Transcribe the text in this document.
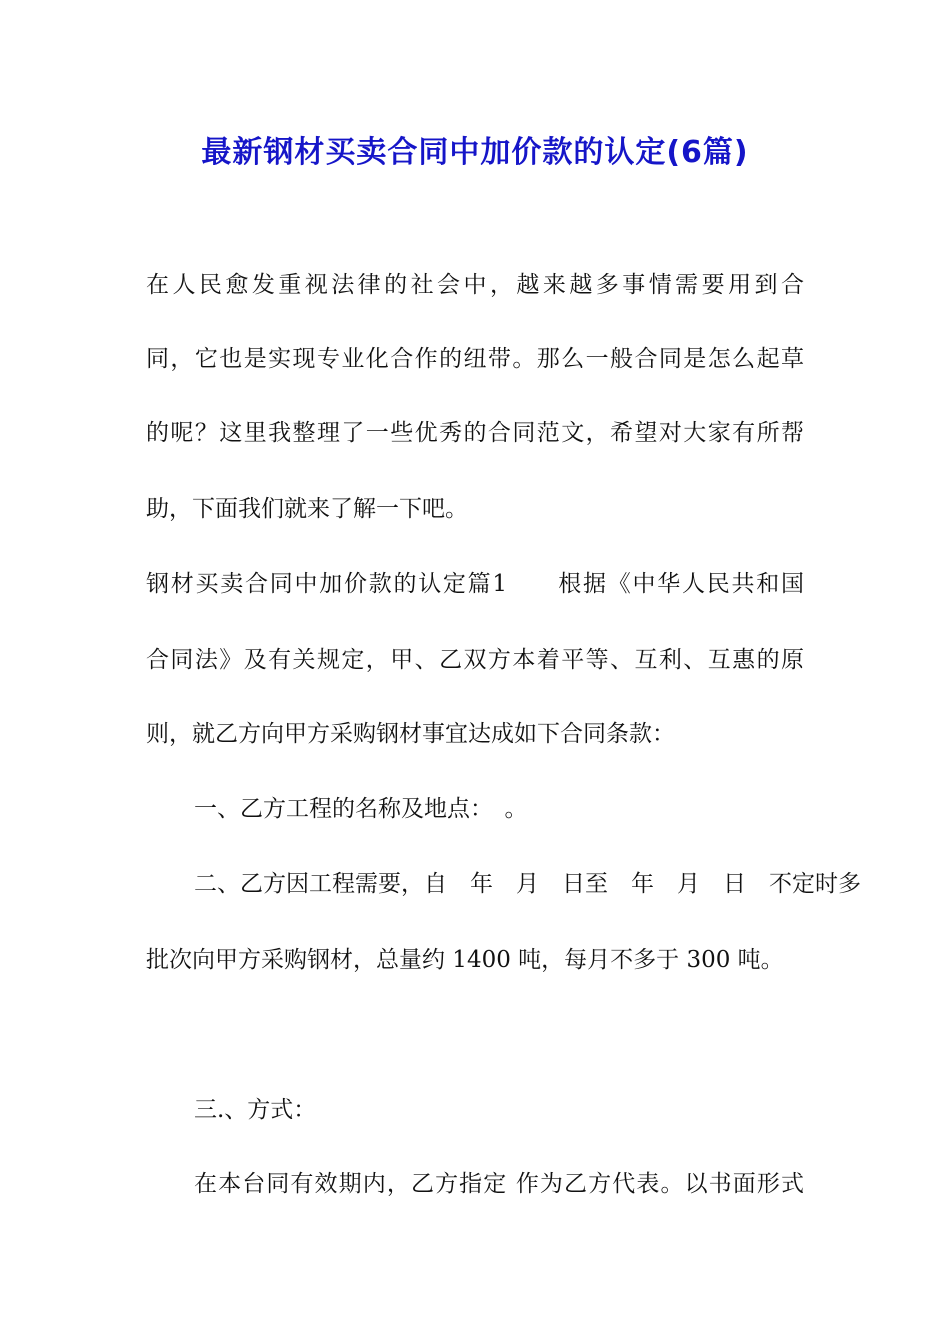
最新钢材买卖合同中加价款的认定(6篇)
在人民愈发重视法律的社会中，越来越多事情需要用到合
同，它也是实现专业化合作的纽带。那么一般合同是怎么起草
的呢？这里我整理了一些优秀的合同范文，希望对大家有所帮
助，下面我们就来了解一下吧。
钢材买卖合同中加价款的认定篇1　　根据《中华人民共和国
合同法》及有关规定，甲、乙双方本着平等、互利、互惠的原
则，就乙方向甲方采购钢材事宜达成如下合同条款：
一、乙方工程的名称及地点：　。
二、乙方因工程需要，自　年　月　日至　年　月　日　不定时多
批次向甲方采购钢材，总量约 1400 吨，每月不多于 300 吨。
三.、方式：
在本台同有效期内，乙方指定 作为乙方代表。以书面形式
